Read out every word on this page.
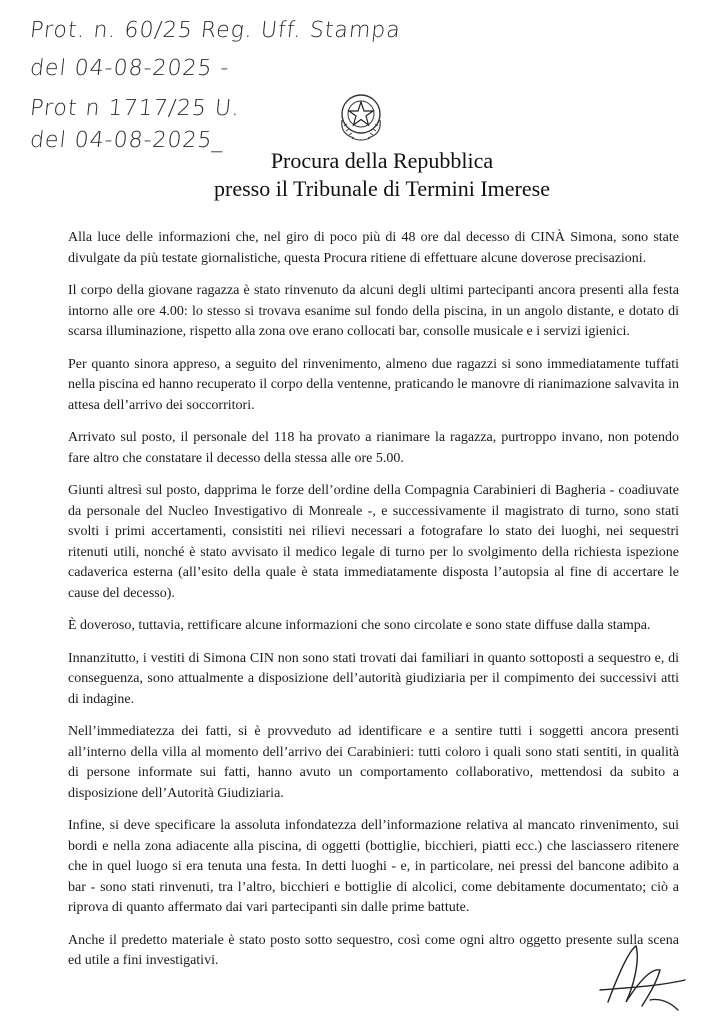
Prot. n. 60/25 Reg. Uff. Stampa
del 04-08-2025 -
Prot n 1717/25 U.
del 04-08-2025_
Procura della Repubblica
presso il Tribunale di Termini Imerese

Alla luce delle informazioni che, nel giro di poco più di 48 ore dal decesso di CINÀ Simona, sono state divulgate da più testate giornalistiche, questa Procura ritiene di effettuare alcune doverose precisazioni.

Il corpo della giovane ragazza è stato rinvenuto da alcuni degli ultimi partecipanti ancora presenti alla festa intorno alle ore 4.00: lo stesso si trovava esanime sul fondo della piscina, in un angolo distante, e dotato di scarsa illuminazione, rispetto alla zona ove erano collocati bar, consolle musicale e i servizi igienici.

Per quanto sinora appreso, a seguito del rinvenimento, almeno due ragazzi si sono immediatamente tuffati nella piscina ed hanno recuperato il corpo della ventenne, praticando le manovre di rianimazione salvavita in attesa dell’arrivo dei soccorritori.

Arrivato sul posto, il personale del 118 ha provato a rianimare la ragazza, purtroppo invano, non potendo fare altro che constatare il decesso della stessa alle ore 5.00.

Giunti altresì sul posto, dapprima le forze dell’ordine della Compagnia Carabinieri di Bagheria - coadiuvate da personale del Nucleo Investigativo di Monreale -, e successivamente il magistrato di turno, sono stati svolti i primi accertamenti, consistiti nei rilievi necessari a fotografare lo stato dei luoghi, nei sequestri ritenuti utili, nonché è stato avvisato il medico legale di turno per lo svolgimento della richiesta ispezione cadaverica esterna (all’esito della quale è stata immediatamente disposta l’autopsia al fine di accertare le cause del decesso).

È doveroso, tuttavia, rettificare alcune informazioni che sono circolate e sono state diffuse dalla stampa.

Innanzitutto, i vestiti di Simona CIN non sono stati trovati dai familiari in quanto sottoposti a sequestro e, di conseguenza, sono attualmente a disposizione dell’autorità giudiziaria per il compimento dei successivi atti di indagine.

Nell’immediatezza dei fatti, si è provveduto ad identificare e a sentire tutti i soggetti ancora presenti all’interno della villa al momento dell’arrivo dei Carabinieri: tutti coloro i quali sono stati sentiti, in qualità di persone informate sui fatti, hanno avuto un comportamento collaborativo, mettendosi da subito a disposizione dell’Autorità Giudiziaria.

Infine, si deve specificare la assoluta infondatezza dell’informazione relativa al mancato rinvenimento, sui bordi e nella zona adiacente alla piscina, di oggetti (bottiglie, bicchieri, piatti ecc.) che lasciassero ritenere che in quel luogo si era tenuta una festa. In detti luoghi - e, in particolare, nei pressi del bancone adibito a bar - sono stati rinvenuti, tra l’altro, bicchieri e bottiglie di alcolici, come debitamente documentato; ciò a riprova di quanto affermato dai vari partecipanti sin dalle prime battute.

Anche il predetto materiale è stato posto sotto sequestro, così come ogni altro oggetto presente sulla scena ed utile a fini investigativi.
